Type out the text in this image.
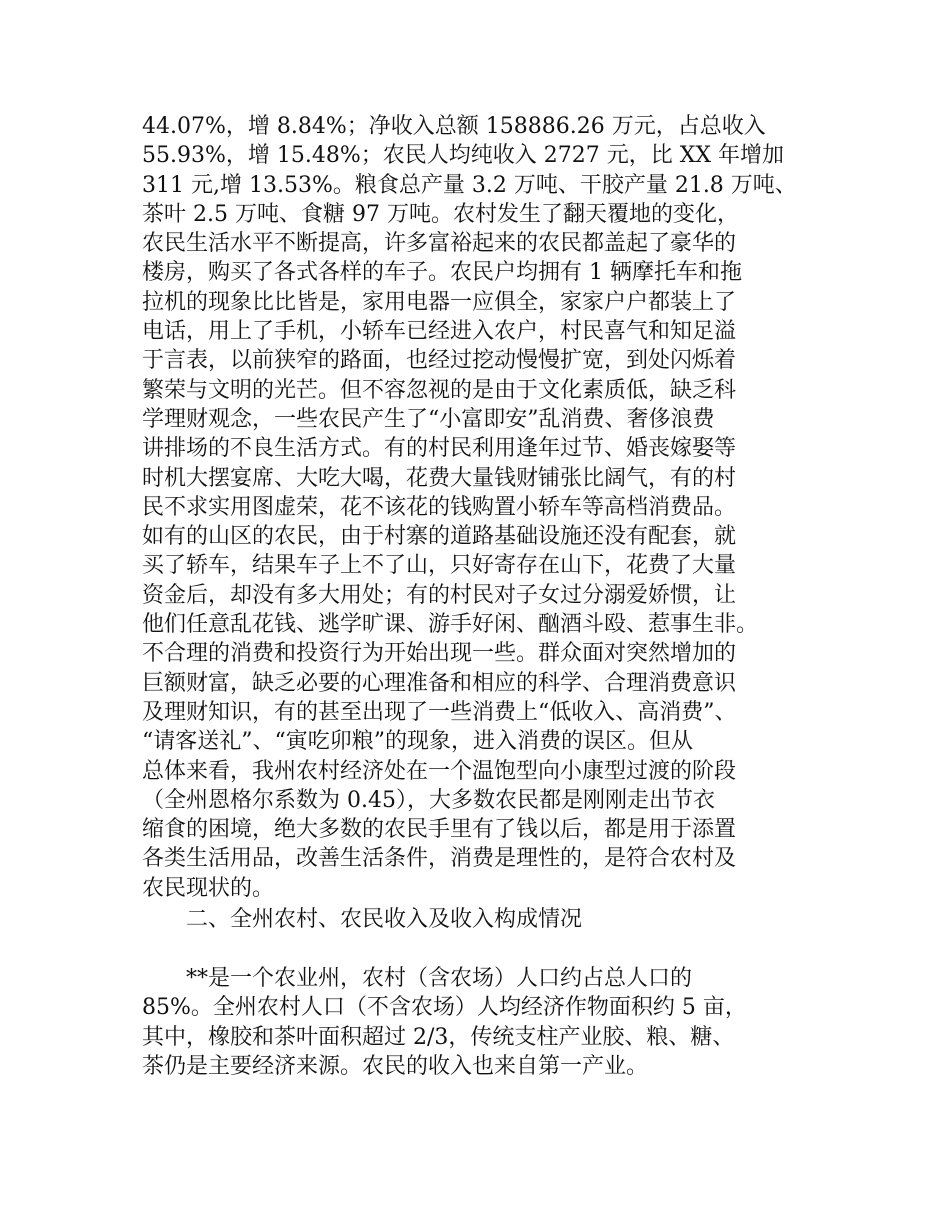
44.07%，增 8.84%；净收入总额 158886.26 万元，占总收入
55.93%，增 15.48%；农民人均纯收入 2727 元，比 XX 年增加
311 元,增 13.53%。粮食总产量 3.2 万吨、干胶产量 21.8 万吨、
茶叶 2.5 万吨、食糖 97 万吨。农村发生了翻天覆地的变化，
农民生活水平不断提高，许多富裕起来的农民都盖起了豪华的
楼房，购买了各式各样的车子。农民户均拥有 1 辆摩托车和拖
拉机的现象比比皆是，家用电器一应俱全，家家户户都装上了
电话，用上了手机，小轿车已经进入农户，村民喜气和知足溢
于言表，以前狭窄的路面，也经过挖动慢慢扩宽，到处闪烁着
繁荣与文明的光芒。但不容忽视的是由于文化素质低，缺乏科
学理财观念，一些农民产生了“小富即安”乱消费、奢侈浪费
讲排场的不良生活方式。有的村民利用逢年过节、婚丧嫁娶等
时机大摆宴席、大吃大喝，花费大量钱财铺张比阔气，有的村
民不求实用图虚荣，花不该花的钱购置小轿车等高档消费品。
如有的山区的农民，由于村寨的道路基础设施还没有配套，就
买了轿车，结果车子上不了山，只好寄存在山下，花费了大量
资金后，却没有多大用处；有的村民对子女过分溺爱娇惯，让
他们任意乱花钱、逃学旷课、游手好闲、酗酒斗殴、惹事生非。
不合理的消费和投资行为开始出现一些。群众面对突然增加的
巨额财富，缺乏必要的心理准备和相应的科学、合理消费意识
及理财知识，有的甚至出现了一些消费上“低收入、高消费”、
“请客送礼”、“寅吃卯粮”的现象，进入消费的误区。但从
总体来看，我州农村经济处在一个温饱型向小康型过渡的阶段
（全州恩格尔系数为 0.45），大多数农民都是刚刚走出节衣
缩食的困境，绝大多数的农民手里有了钱以后，都是用于添置
各类生活用品，改善生活条件，消费是理性的，是符合农村及
农民现状的。
　　二、全州农村、农民收入及收入构成情况
　　**是一个农业州，农村（含农场）人口约占总人口的
85%。全州农村人口（不含农场）人均经济作物面积约 5 亩，
其中，橡胶和茶叶面积超过 2/3，传统支柱产业胶、粮、糖、
茶仍是主要经济来源。农民的收入也来自第一产业。
